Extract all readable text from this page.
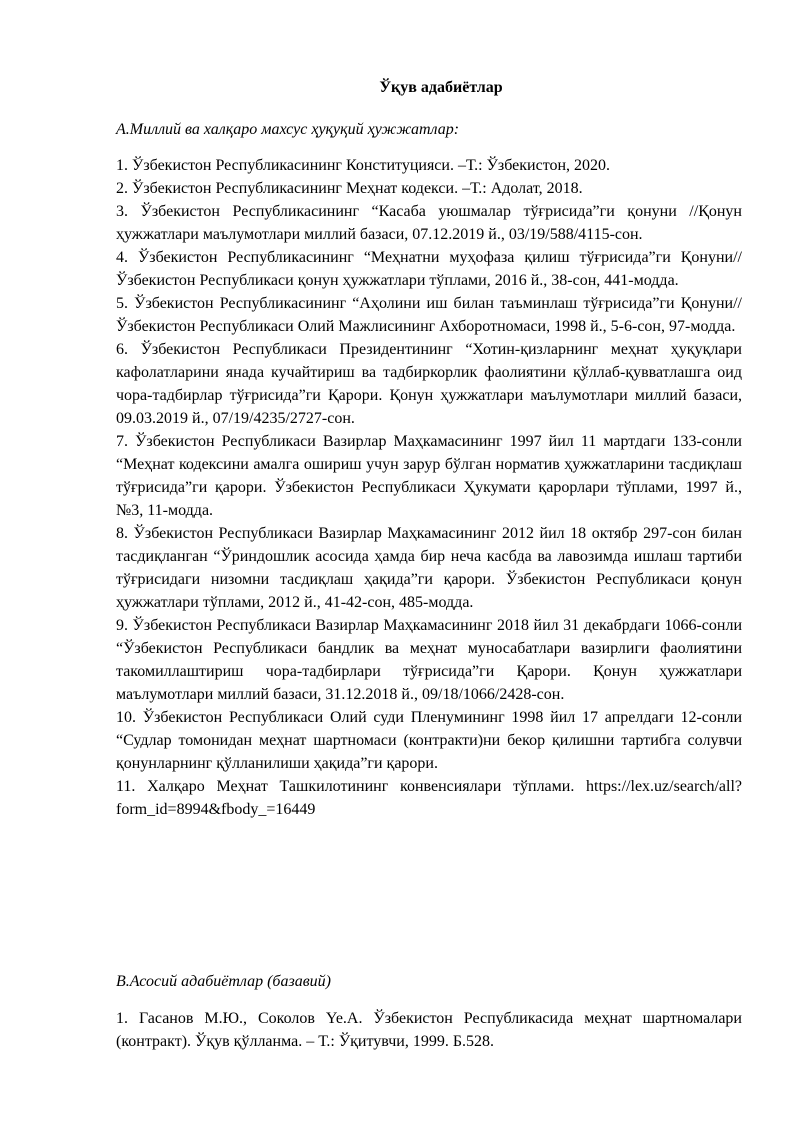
Ўқув адабиётлар
A.Миллий ва халқаро махсус ҳуқуқий ҳужжатлар:

1. Ўзбекистон Республикасининг Конституцияси. –Т.: Ўзбекистон, 2020.

2. Ўзбекистон Республикасининг Меҳнат кодекси. –Т.: Адолат, 2018.

3. Ўзбекистон Республикасининг “Касаба уюшмалар тўғрисида”ги қонуни //Қонун ҳужжатлари маълумотлари миллий базаси, 07.12.2019 й., 03/19/588/4115-сон.

4. Ўзбекистон Республикасининг “Меҳнатни муҳофаза қилиш тўғрисида”ги Қонуни//Ўзбекистон Республикаси қонун ҳужжатлари тўплами, 2016 й., 38-сон, 441-модда.

5. Ўзбекистон Республикасининг “Аҳолини иш билан таъминлаш тўғрисида”ги Қонуни// Ўзбекистон Республикаси Олий Мажлисининг Ахборотномаси, 1998 й., 5-6-сон, 97-модда.

6. Ўзбекистон Республикаси Президентининг “Хотин-қизларнинг меҳнат ҳуқуқлари кафолатларини янада кучайтириш ва тадбиркорлик фаолиятини қўллаб-қувватлашга оид чора-тадбирлар тўғрисида”ги Қарори. Қонун ҳужжатлари маълумотлари миллий базаси, 09.03.2019 й., 07/19/4235/2727-сон.

7. Ўзбекистон Республикаси Вазирлар Маҳкамасининг 1997 йил 11 мартдаги 133-сонли “Меҳнат кодексини амалга ошириш учун зарур бўлган норматив ҳужжатларини тасдиқлаш тўғрисида”ги қарори. Ўзбекистон Республикаси Ҳукумати қарорлари тўплами, 1997 й., №3, 11-модда.

8. Ўзбекистон Республикаси Вазирлар Маҳкамасининг 2012 йил 18 октябр 297-сон билан тасдиқланган “Ўриндошлик асосида ҳамда бир неча касбда ва лавозимда ишлаш тартиби тўғрисидаги низомни тасдиқлаш ҳақида”ги қарори. Ўзбекистон Республикаси қонун ҳужжатлари тўплами, 2012 й., 41-42-сон, 485-модда.

9. Ўзбекистон Республикаси Вазирлар Маҳкамасининг 2018 йил 31 декабрдаги 1066-сонли “Ўзбекистон Республикаси бандлик ва меҳнат муносабатлари вазирлиги фаолиятини такомиллаштириш чора-тадбирлари тўғрисида”ги Қарори. Қонун ҳужжатлари маълумотлари миллий базаси, 31.12.2018 й., 09/18/1066/2428-сон.

10. Ўзбекистон Республикаси Олий суди Пленумининг 1998 йил 17 апрелдаги 12-сонли “Судлар томонидан меҳнат шартномаси (контракти)ни бекор қилишни тартибга солувчи қонунларнинг қўлланилиши ҳақида”ги қарори.

11. Халқаро Меҳнат Ташкилотининг конвенсиялари тўплами. https://lex.uz/search/all?form_id=8994&fbody_=16449

B.Асосий адабиётлар (базавий)

1. Гасанов М.Ю., Соколов Ye.A. Ўзбекистон Республикасида меҳнат шартномалари (контракт). Ўқув қўлланма. – Т.: Ўқитувчи, 1999. Б.528.
